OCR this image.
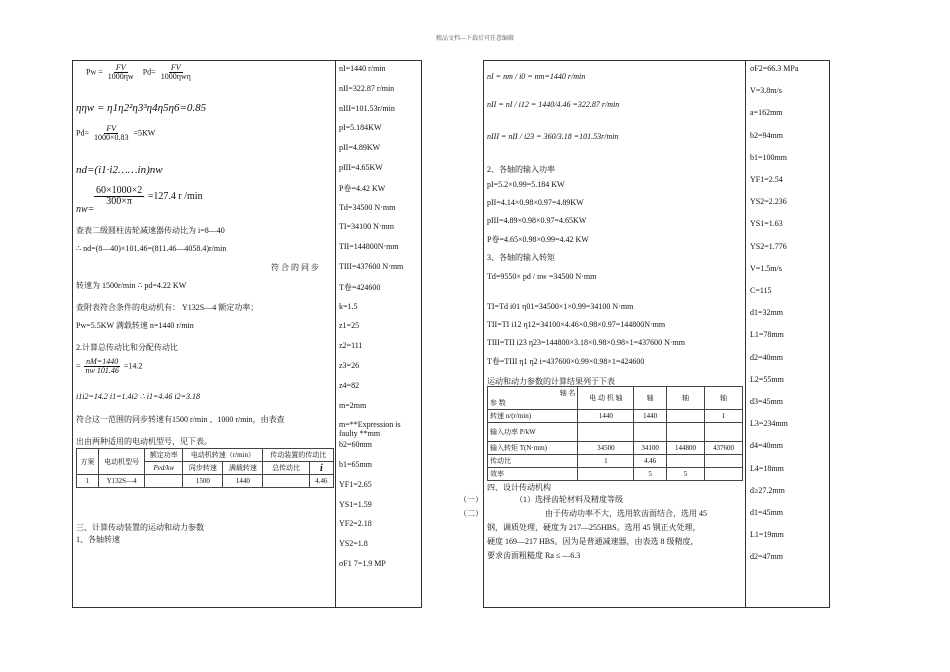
精品文档---下载后可任意编辑
$Pw = \frac{FV}{1000\eta w} Pd= \frac{FV}{\text{1000ηwη}}$
ηηw = η1η2²η3³η4η5η6=0.85
$Pd= \frac{FV}{1000\times 0.83} =5KW$
nd=(i1·i2……in)nw
$\frac{60\times 1000\times 2}{300\times\pi} =127.4$ r /min
nw=
查表二级圆柱齿轮减速器传动比为 i=8—40
∴ nd=(8—40)×101.46=(811.46—4058.4)r/min
符 合 的 同 步
转速为 1500r/min ∴ pd=4.22 KW
查附表符合条件的电动机有： Y132S—4 额定功率；
Pw=5.5KW 满载转速 n=1440 r/min
2.计算总传动比和分配传动比
= $\frac{nM=1440}{nw 101.46} =14.2$
i1i2=14.2 i1=1.4i2 ∴ i1=4.46 i2=3.18
符合这一范围的同步转速有1500 r/min 、1000 r/min，由表查
出由两种适用的电动机型号，见下表。
方案	电动机型号	额定功率	电动机转速（r/min）		传动装置的传动比	
		Ped/kw	同步转速	满载转速	总传动比	i
1	Y132S—4		1500	1440		4.46
三、计算传动装置的运动和动力参数
1、各轴转速
nI=1440 r/min
nII=322.87 r/min
nIII=101.53r/min
pI=5.184KW
pII=4.89KW
pIII=4.65KW
P卷=4.42 KW
Td=34500 N·mm
TI=34100 N·mm
TII=144800N·mm
TIII=437600 N·mm
T卷=424600
k=1.5
z1=25
z2=111
z3=26
z4=82
m=2mm
m=**Expression is faulty **mm
b2=60mm
b1=65mm
YF1=2.65
YS1=1.59
YF2=2.18
YS2=1.8
σF1 7=1.9 MP
nI = nm / i0 = nm=1440 r/min
nII = nI / i12 = 1440/4.46 =322.87 r/min
nIII = nII / i23 = 360/3.18 =101.53r/min
2、各轴的输入功率
pI=5.2×0.99=5.184 KW
pII=4.14×0.98×0.97=4.89KW
pIII=4.89×0.98×0.97=4.65KW
P卷=4.65×0.98×0.99=4.42 KW
3、各轴的输入转矩
Td=9550× pd / nw =34500 N·mm
TI=Td i01 η01=34500×1×0.99=34100 N·mm
TII=TI i12 η12=34100×4.46×0.98×0.97=144800N·mm
TIII=TII i23 η23=144800×3.18×0.98×0.98×1=437600 N·mm
T卷=TIII η1 η2 i=437600×0.99×0.98×1=424600
运动和动力参数的计算结果列于下表
轴 名
参 数	电 动 机 轴	轴	轴	轴
转速 n/(r/min)	1440	1440		1
输入功率 P/kW				
输入转矩 T(N·mm)	34500	34100	144800	437600
传动比	1	4.46		
效率		5	5	
四、设计传动机构
（一）	（1）选择齿轮材料及精度等级
（二）	由于传动功率不大，选用软齿面结合，选用 45
钢，调质处理，硬度为 217—255HBS。选用 45 钢正火处理，
硬度 169—217 HBS。因为是普通减速器，由表选 8 级精度，
要求齿面粗糙度 Ra ≤ —6.3
σF2=66.3 MPa
V=3.8m/s
a=162mm
b2=94mm
b1=100mm
YF1=2.54
YS2=2.236
YS1=1.63
YS2=1.776
V=1.5m/s
C=115
d1=32mm
L1=78mm
d2=40mm
L2=55mm
d3=45mm
L3=234mm
d4=40mm
L4=18mm
d≥27.2mm
d1=45mm
L1=19mm
d2=47mm
